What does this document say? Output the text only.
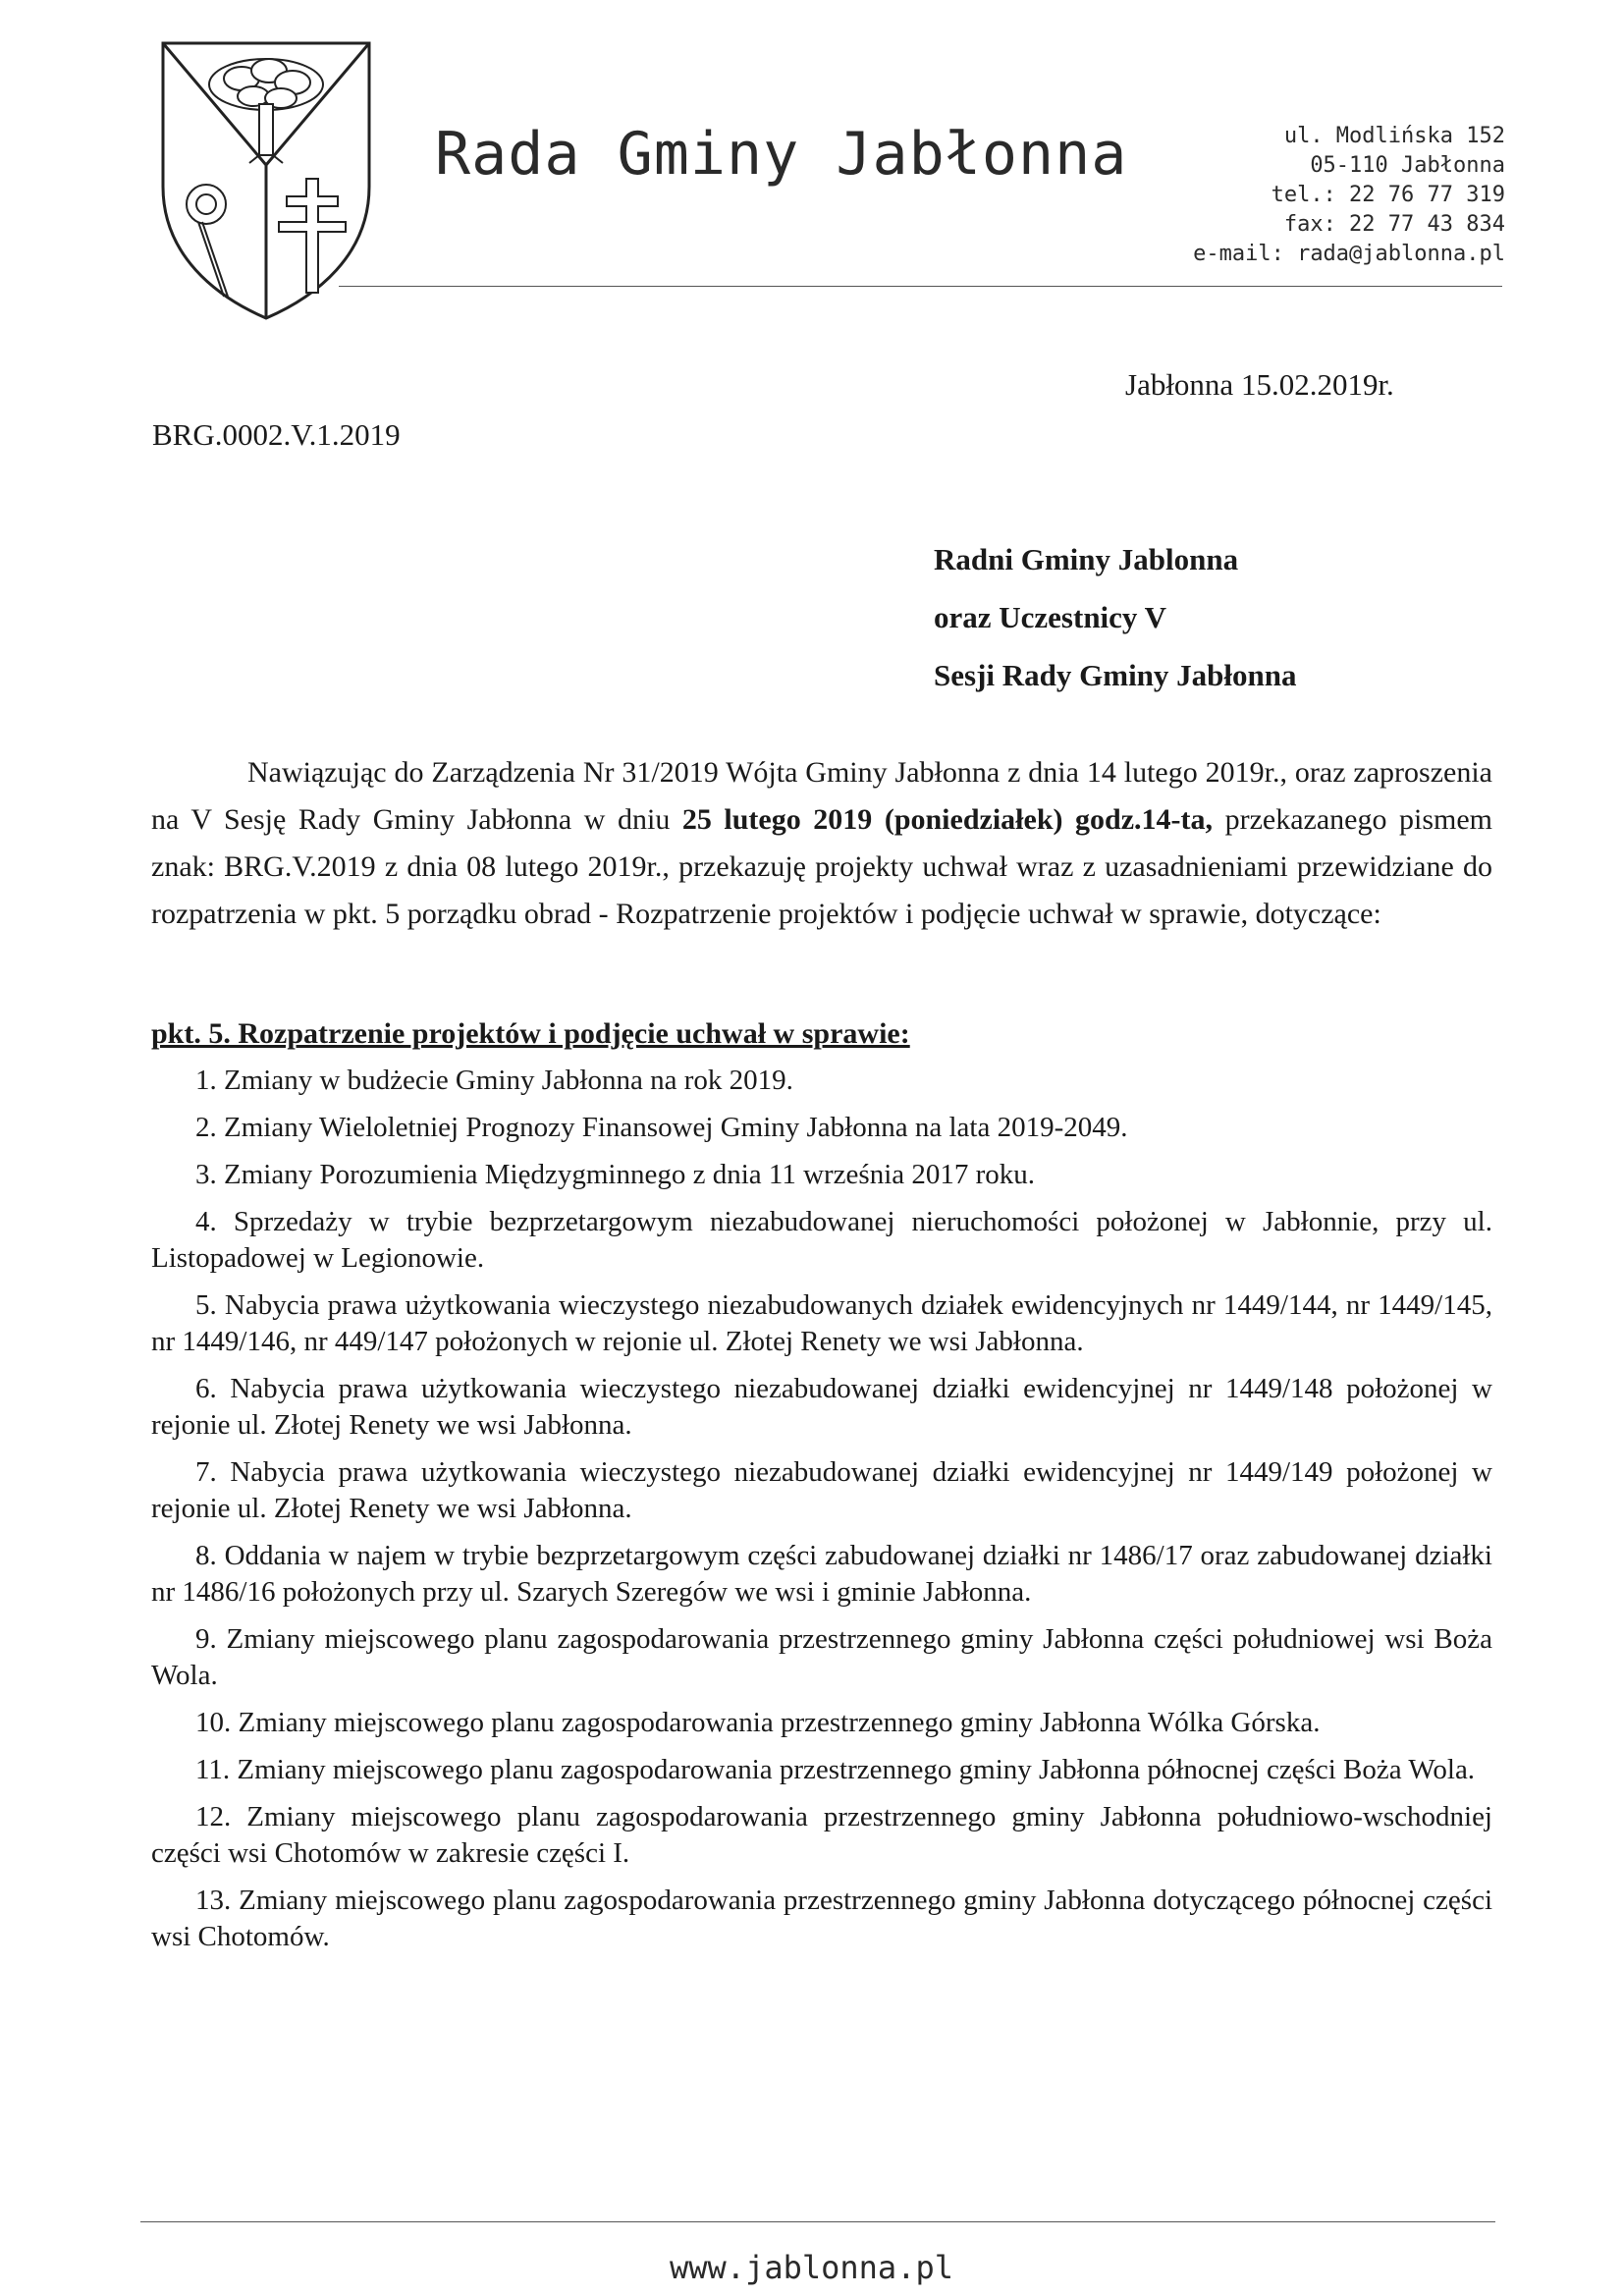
Rada Gminy Jabłonna	ul. Modlińska 152
05-110 Jabłonna
tel.: 22 76 77 319
fax: 22 77 43 834
e-mail: rada@jablonna.pl
Jabłonna 15.02.2019r.
BRG.0002.V.1.2019
Radni Gminy Jablonna
oraz Uczestnicy V
Sesji Rady Gminy Jabłonna
Nawiązując do Zarządzenia Nr 31/2019 Wójta Gminy Jabłonna z dnia 14 lutego 2019r., oraz zaproszenia na V Sesję Rady Gminy Jabłonna w dniu 25 lutego 2019 (poniedziałek) godz.14-ta, przekazanego pismem znak: BRG.V.2019 z dnia 08 lutego 2019r., przekazuję projekty uchwał wraz z uzasadnieniami przewidziane do rozpatrzenia w pkt. 5 porządku obrad - Rozpatrzenie projektów i podjęcie uchwał w sprawie, dotyczące:
pkt. 5. Rozpatrzenie projektów i podjęcie uchwał w sprawie:
1. Zmiany w budżecie Gminy Jabłonna na rok 2019.
2. Zmiany Wieloletniej Prognozy Finansowej Gminy Jabłonna na lata 2019-2049.
3. Zmiany Porozumienia Międzygminnego z dnia 11 września 2017 roku.
4. Sprzedaży w trybie bezprzetargowym niezabudowanej nieruchomości położonej w Jabłonnie, przy ul. Listopadowej w Legionowie.
5. Nabycia prawa użytkowania wieczystego niezabudowanych działek ewidencyjnych nr 1449/144, nr 1449/145, nr 1449/146, nr 449/147 położonych w rejonie ul. Złotej Renety we wsi Jabłonna.
6. Nabycia prawa użytkowania wieczystego niezabudowanej działki ewidencyjnej nr 1449/148 położonej w rejonie ul. Złotej Renety we wsi Jabłonna.
7. Nabycia prawa użytkowania wieczystego niezabudowanej działki ewidencyjnej nr 1449/149 położonej w rejonie ul. Złotej Renety we wsi Jabłonna.
8. Oddania w najem w trybie bezprzetargowym części zabudowanej działki nr 1486/17 oraz zabudowanej działki nr 1486/16 położonych przy ul. Szarych Szeregów we wsi i gminie Jabłonna.
9. Zmiany miejscowego planu zagospodarowania przestrzennego gminy Jabłonna części południowej wsi Boża Wola.
10. Zmiany miejscowego planu zagospodarowania przestrzennego gminy Jabłonna Wólka Górska.
11. Zmiany miejscowego planu zagospodarowania przestrzennego gminy Jabłonna północnej części Boża Wola.
12. Zmiany miejscowego planu zagospodarowania przestrzennego gminy Jabłonna południowo-wschodniej części wsi Chotomów w zakresie części I.
13. Zmiany miejscowego planu zagospodarowania przestrzennego gminy Jabłonna dotyczącego północnej części wsi Chotomów.
www.jablonna.pl
